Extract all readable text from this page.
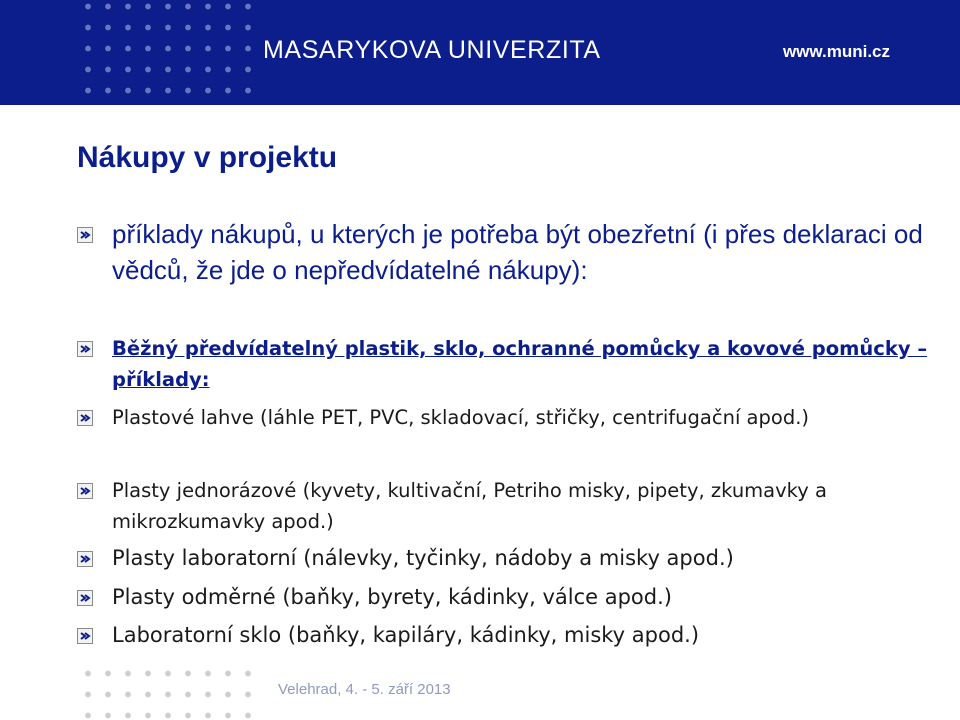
MASARYKOVA UNIVERZITA	www.muni.cz
Nákupy v projektu
příklady nákupů, u kterých je potřeba být obezřetní (i přes deklaraci od vědců, že jde o nepředvídatelné nákupy):
Běžný předvídatelný plastik, sklo, ochranné pomůcky a kovové pomůcky – příklady:
Plastové lahve (láhle PET, PVC, skladovací, střičky, centrifugační apod.)
Plasty jednorázové (kyvety, kultivační, Petriho misky, pipety, zkumavky a mikrozkumavky apod.)
Plasty laboratorní (nálevky, tyčinky, nádoby a misky apod.)
Plasty odměrné (baňky, byrety, kádinky, válce apod.)
Laboratorní sklo (baňky, kapiláry, kádinky, misky apod.)
Velehrad, 4. - 5. září 2013
